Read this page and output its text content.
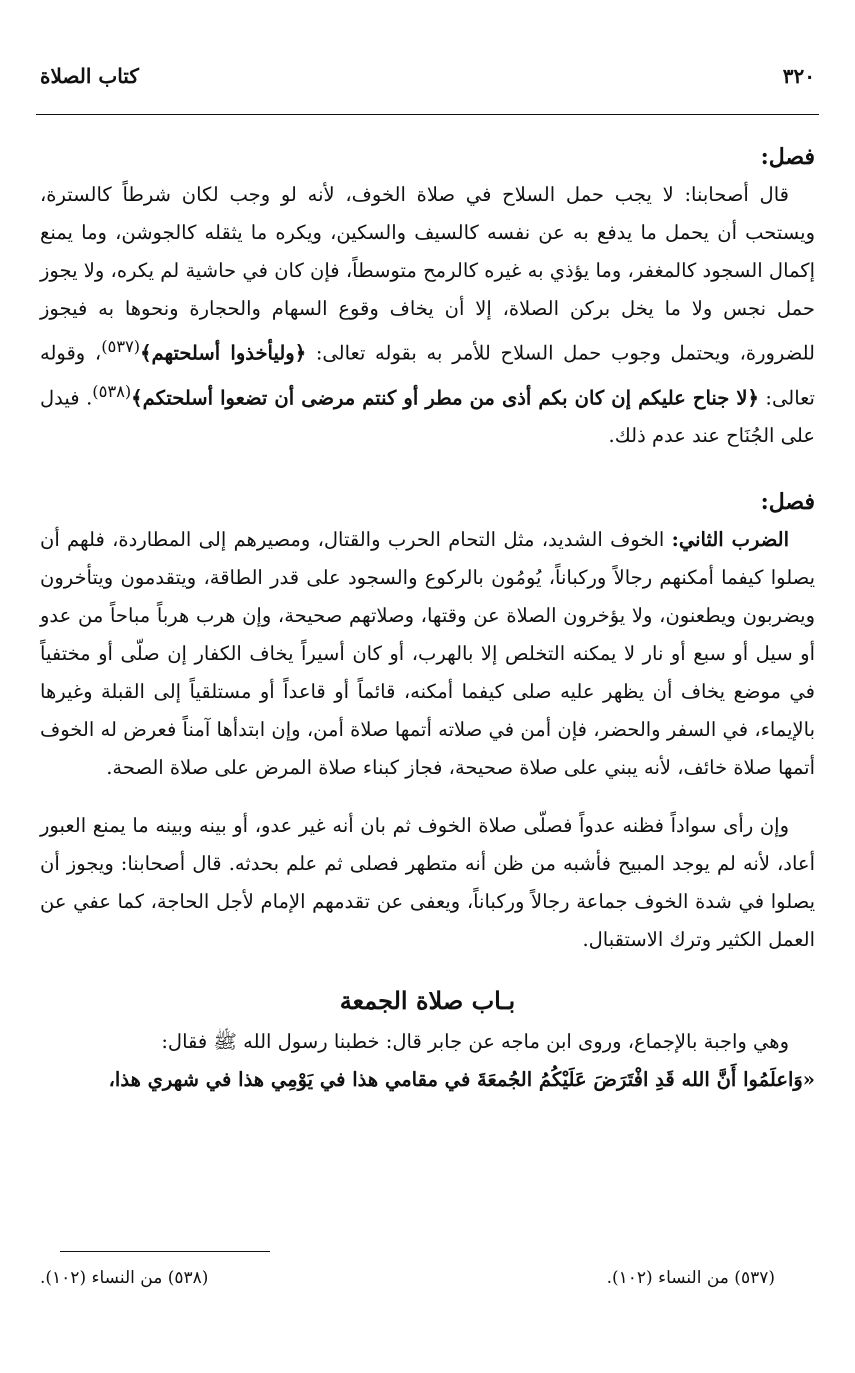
٣٢٠
كتاب الصلاة
فصل:

قال أصحابنا: لا يجب حمل السلاح في صلاة الخوف، لأنه لو وجب لكان شرطاً كالسترة، ويستحب أن يحمل ما يدفع به عن نفسه كالسيف والسكين، ويكره ما يثقله كالجوشن، وما يمنع إكمال السجود كالمغفر، وما يؤذي به غيره كالرمح متوسطاً، فإن كان في حاشية لم يكره، ولا يجوز حمل نجس ولا ما يخل بركن الصلاة، إلا أن يخاف وقوع السهام والحجارة ونحوها به فيجوز للضرورة، ويحتمل وجوب حمل السلاح للأمر به بقوله تعالى: ﴿وليأخذوا أسلحتهم﴾$^{(٥٣٧)}$، وقوله تعالى: ﴿لا جناح عليكم إن كان بكم أذى من مطر أو كنتم مرضى أن تضعوا أسلحتكم﴾$^{(٥٣٨)}$. فيدل على الجُنَاح عند عدم ذلك.

فصل:

الضرب الثاني: الخوف الشديد، مثل التحام الحرب والقتال، ومصيرهم إلى المطاردة، فلهم أن يصلوا كيفما أمكنهم رجالاً وركباناً، يُومُون بالركوع والسجود على قدر الطاقة، ويتقدمون ويتأخرون ويضربون ويطعنون، ولا يؤخرون الصلاة عن وقتها، وصلاتهم صحيحة، وإن هرب هرباً مباحاً من عدو أو سيل أو سبع أو نار لا يمكنه التخلص إلا بالهرب، أو كان أسيراً يخاف الكفار إن صلّى أو مختفياً في موضع يخاف أن يظهر عليه صلى كيفما أمكنه، قائماً أو قاعداً أو مستلقياً إلى القبلة وغيرها بالإيماء، في السفر والحضر، فإن أمن في صلاته أتمها صلاة أمن، وإن ابتدأها آمناً فعرض له الخوف أتمها صلاة خائف، لأنه يبني على صلاة صحيحة، فجاز كبناء صلاة المرض على صلاة الصحة.

وإن رأى سواداً فظنه عدواً فصلّى صلاة الخوف ثم بان أنه غير عدو، أو بينه وبينه ما يمنع العبور أعاد، لأنه لم يوجد المبيح فأشبه من ظن أنه متطهر فصلى ثم علم بحدثه. قال أصحابنا: ويجوز أن يصلوا في شدة الخوف جماعة رجالاً وركباناً، ويعفى عن تقدمهم الإمام لأجل الحاجة، كما عفي عن العمل الكثير وترك الاستقبال.

بـاب صلاة الجمعة

وهي واجبة بالإجماع، وروى ابن ماجه عن جابر قال: خطبنا رسول الله ﷺ فقال:

«وَاعلَمُوا أَنَّ الله قَدِ افْتَرَضَ عَلَيْكُمُ الجُمعَةَ في مقامي هذا في يَوْمِي هذا في شهري هذا،
(٥٣٧) من النساء (١٠٢).
(٥٣٨) من النساء (١٠٢).
